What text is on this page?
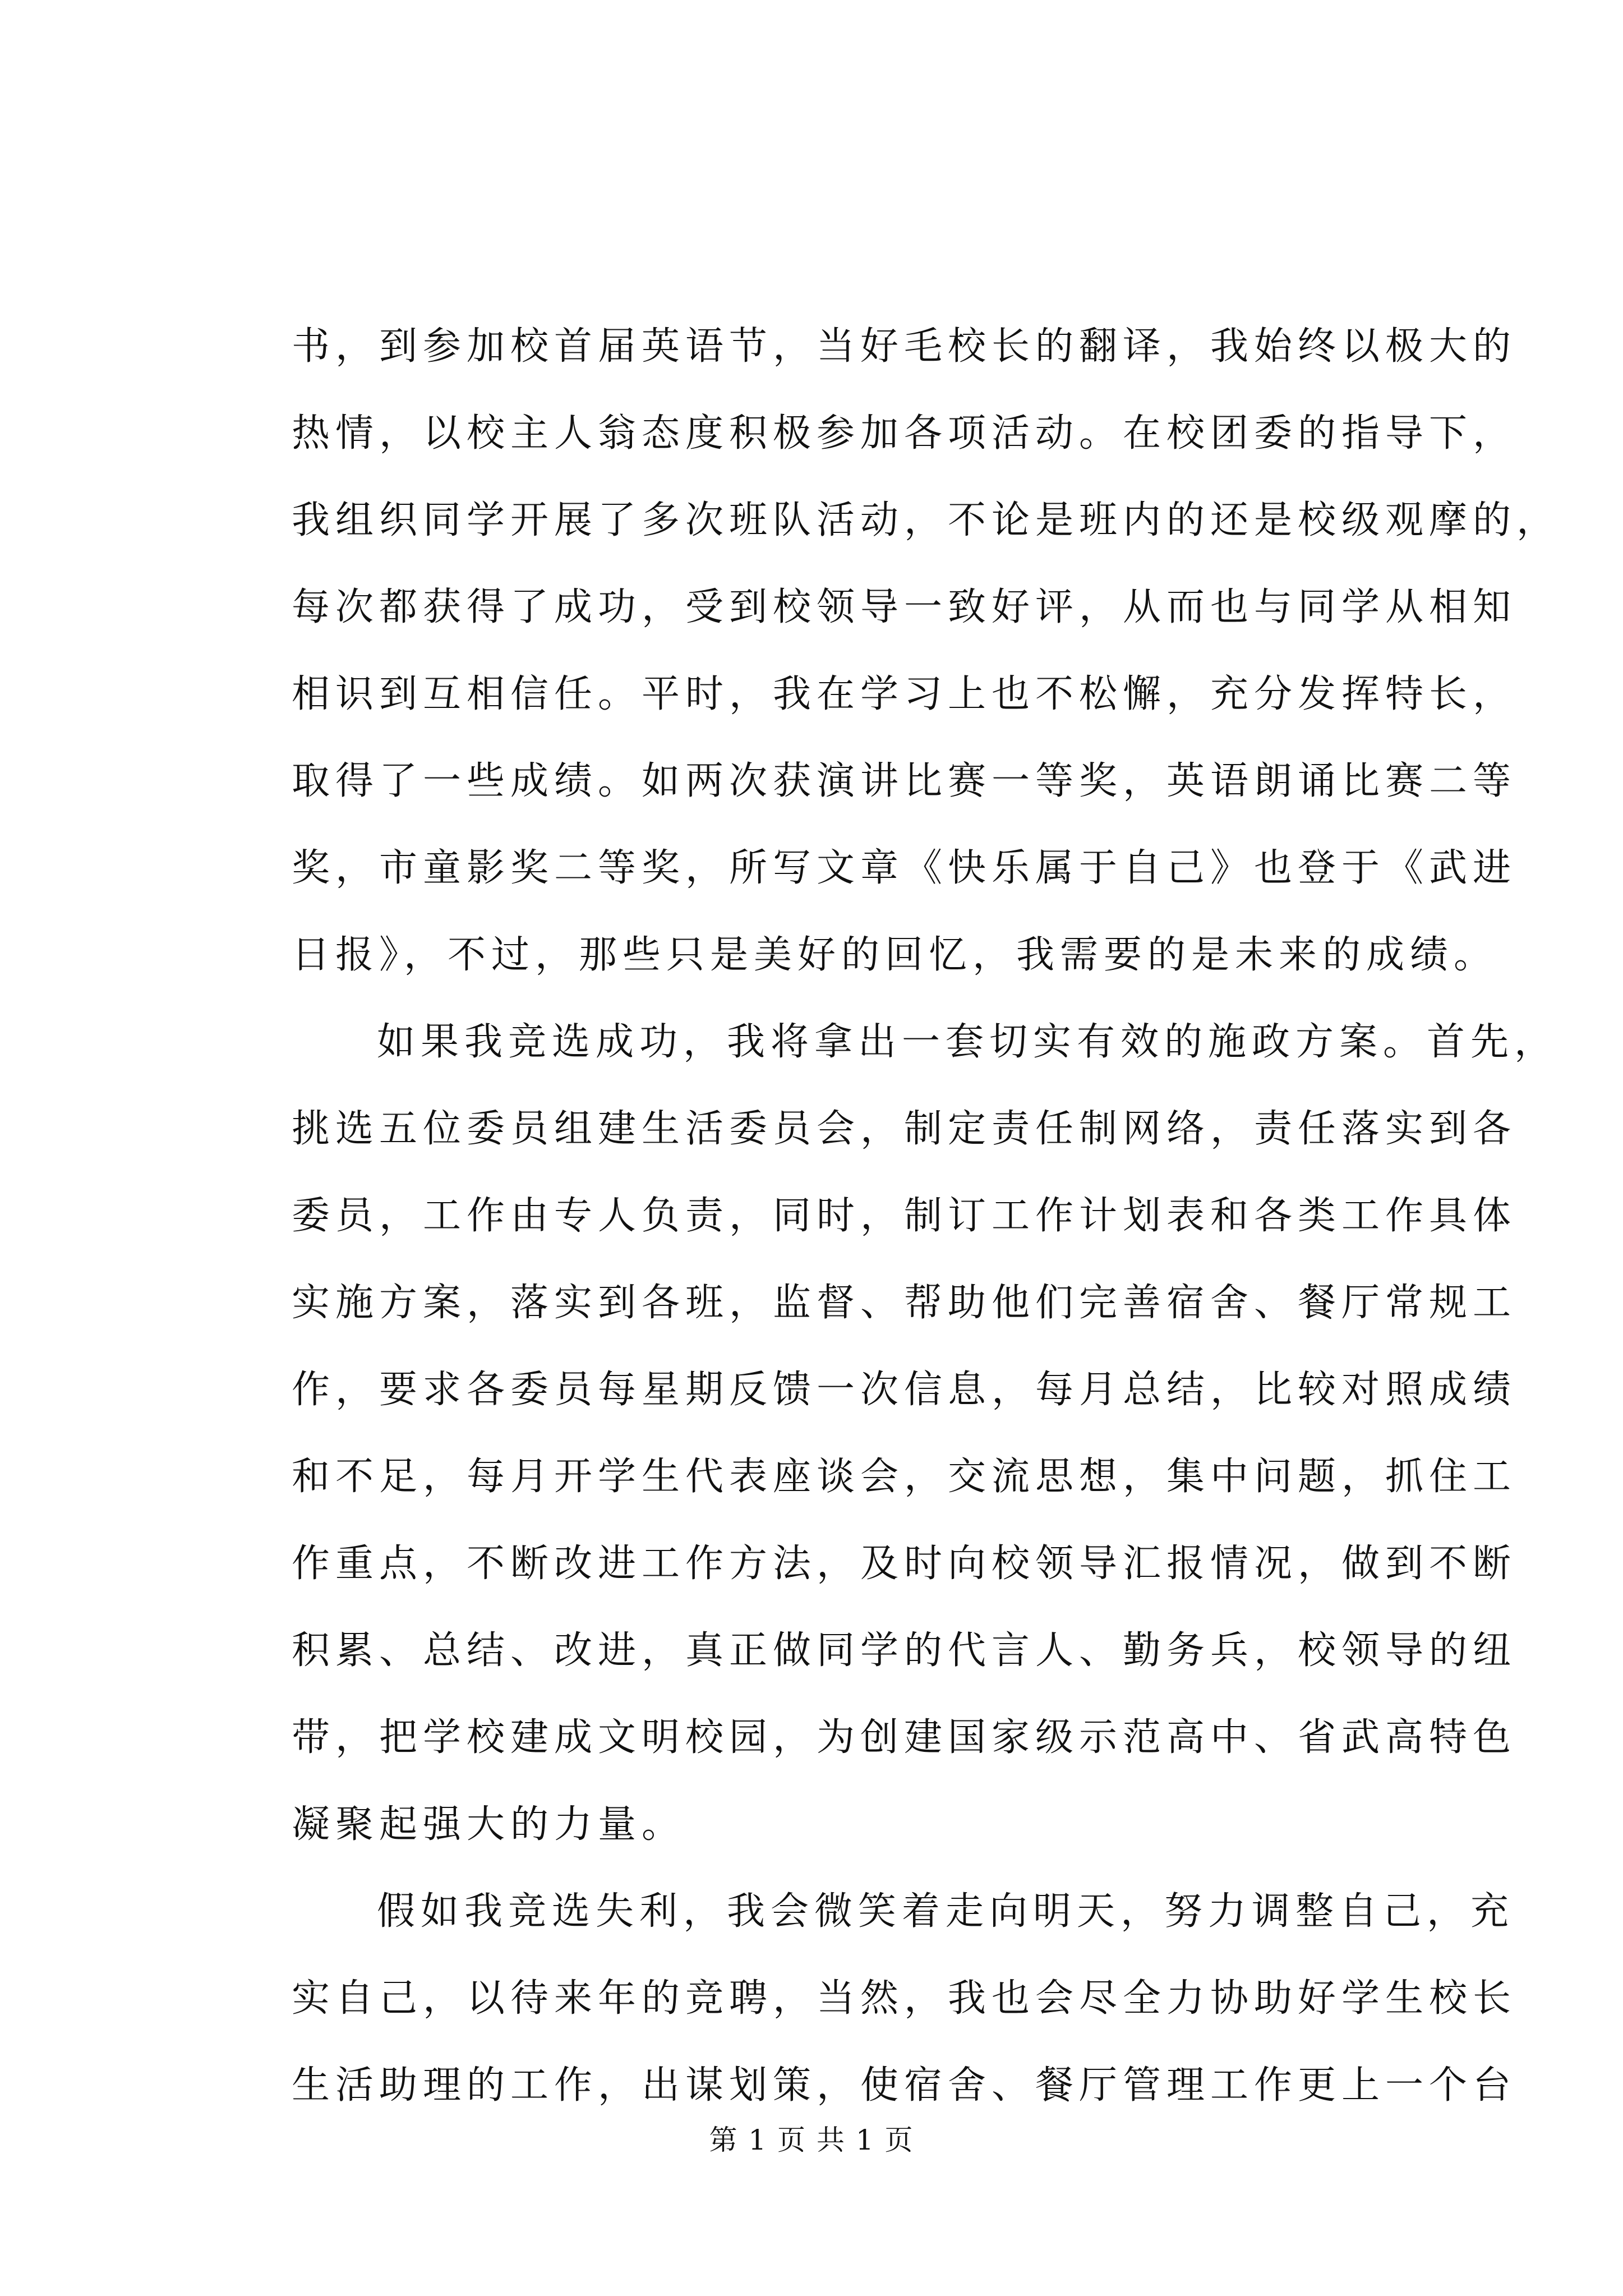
书，到参加校首届英语节，当好毛校长的翻译，我始终以极大的
热情，以校主人翁态度积极参加各项活动。在校团委的指导下，
我组织同学开展了多次班队活动，不论是班内的还是校级观摩的，
每次都获得了成功，受到校领导一致好评，从而也与同学从相知
相识到互相信任。平时，我在学习上也不松懈，充分发挥特长，
取得了一些成绩。如两次获演讲比赛一等奖，英语朗诵比赛二等
奖，市童影奖二等奖，所写文章《快乐属于自己》也登于《武进
日报》，不过，那些只是美好的回忆，我需要的是未来的成绩。
如果我竞选成功，我将拿出一套切实有效的施政方案。首先，
挑选五位委员组建生活委员会，制定责任制网络，责任落实到各
委员，工作由专人负责，同时，制订工作计划表和各类工作具体
实施方案，落实到各班，监督、帮助他们完善宿舍、餐厅常规工
作，要求各委员每星期反馈一次信息，每月总结，比较对照成绩
和不足，每月开学生代表座谈会，交流思想，集中问题，抓住工
作重点，不断改进工作方法，及时向校领导汇报情况，做到不断
积累、总结、改进，真正做同学的代言人、勤务兵，校领导的纽
带，把学校建成文明校园，为创建国家级示范高中、省武高特色
凝聚起强大的力量。
假如我竞选失利，我会微笑着走向明天，努力调整自己，充
实自己，以待来年的竞聘，当然，我也会尽全力协助好学生校长
生活助理的工作，出谋划策，使宿舍、餐厅管理工作更上一个台
第 1 页 共 1 页
